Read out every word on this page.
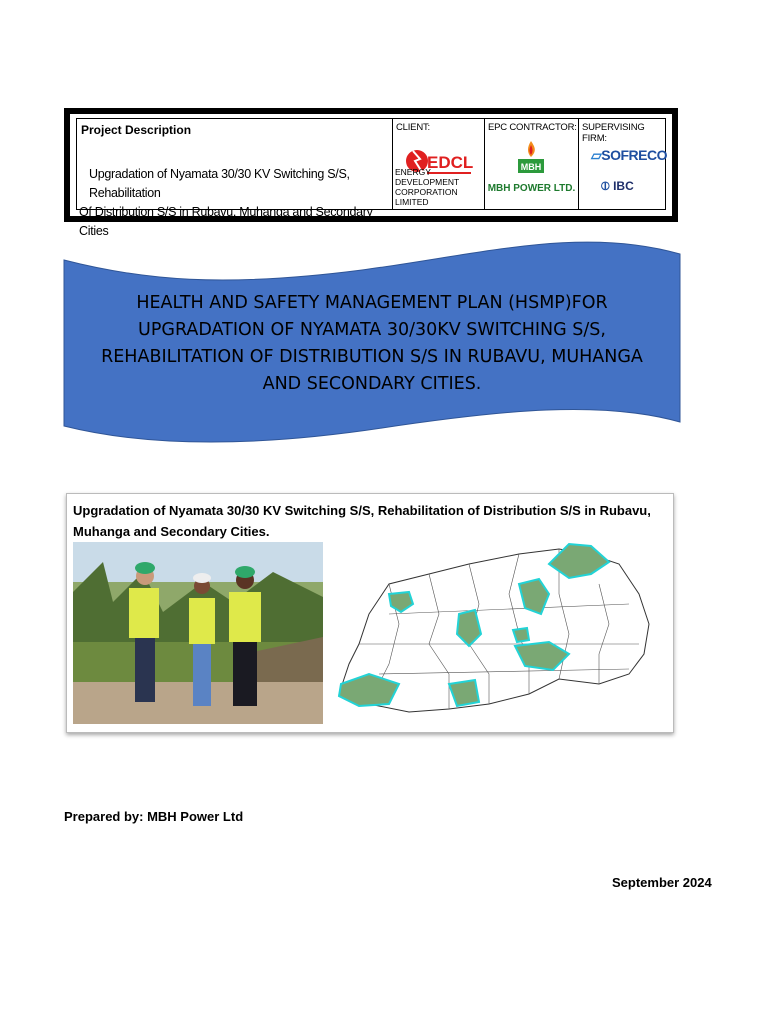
Project Description
Upgradation of Nyamata 30/30 KV Switching S/S, Rehabilitation
Of Distribution S/S in Rubavu, Muhanga and Secondary Cities
CLIENT:
EDCL
ENERGY DEVELOPMENT
CORPORATION LIMITED
EPC CONTRACTOR:
MBH
MBH POWER LTD.
SUPERVISING FIRM:
▱SOFRECO
⦶ IBC
HEALTH AND SAFETY MANAGEMENT PLAN (HSMP)FOR UPGRADATION OF NYAMATA 30/30KV SWITCHING S/S, REHABILITATION OF DISTRIBUTION S/S IN RUBAVU, MUHANGA AND SECONDARY CITIES.
Upgradation of Nyamata 30/30 KV Switching S/S, Rehabilitation of Distribution S/S in Rubavu, Muhanga and Secondary Cities.
Prepared by: MBH Power Ltd
September 2024
